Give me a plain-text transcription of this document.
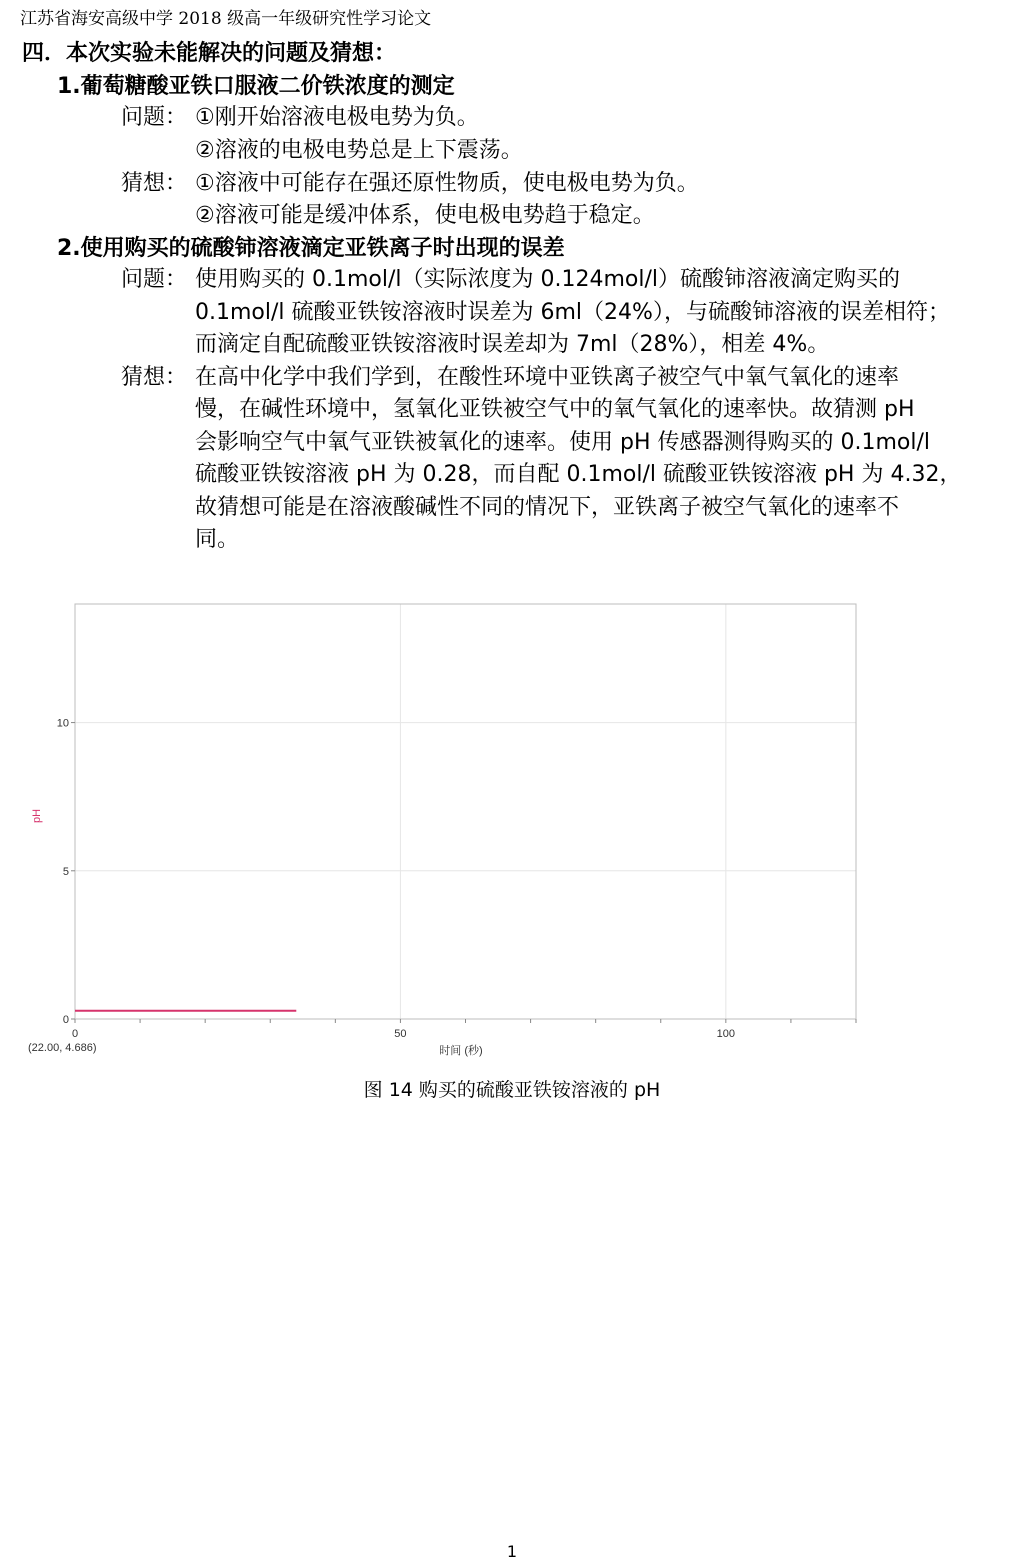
江苏省海安高级中学 2018 级高一年级研究性学习论文
四．本次实验未能解决的问题及猜想：
1.葡萄糖酸亚铁口服液二价铁浓度的测定
问题： ①刚开始溶液电极电势为负。
②溶液的电极电势总是上下震荡。
猜想： ①溶液中可能存在强还原性物质，使电极电势为负。
②溶液可能是缓冲体系，使电极电势趋于稳定。
2.使用购买的硫酸铈溶液滴定亚铁离子时出现的误差
问题： 使用购买的 0.1mol/l（实际浓度为 0.124mol/l）硫酸铈溶液滴定购买的
0.1mol/l 硫酸亚铁铵溶液时误差为 6ml（24%），与硫酸铈溶液的误差相符；
而滴定自配硫酸亚铁铵溶液时误差却为 7ml（28%），相差 4%。
猜想： 在高中化学中我们学到，在酸性环境中亚铁离子被空气中氧气氧化的速率
慢，在碱性环境中，氢氧化亚铁被空气中的氧气氧化的速率快。故猜测 pH
会影响空气中氧气亚铁被氧化的速率。使用 pH 传感器测得购买的 0.1mol/l
硫酸亚铁铵溶液 pH 为 0.28，而自配 0.1mol/l 硫酸亚铁铵溶液 pH 为 4.32，
故猜想可能是在溶液酸碱性不同的情况下，亚铁离子被空气氧化的速率不
同。
0
5
10
0	50	100
时间 (秒)
pH
(22.00, 4.686)
图 14 购买的硫酸亚铁铵溶液的 pH
1
